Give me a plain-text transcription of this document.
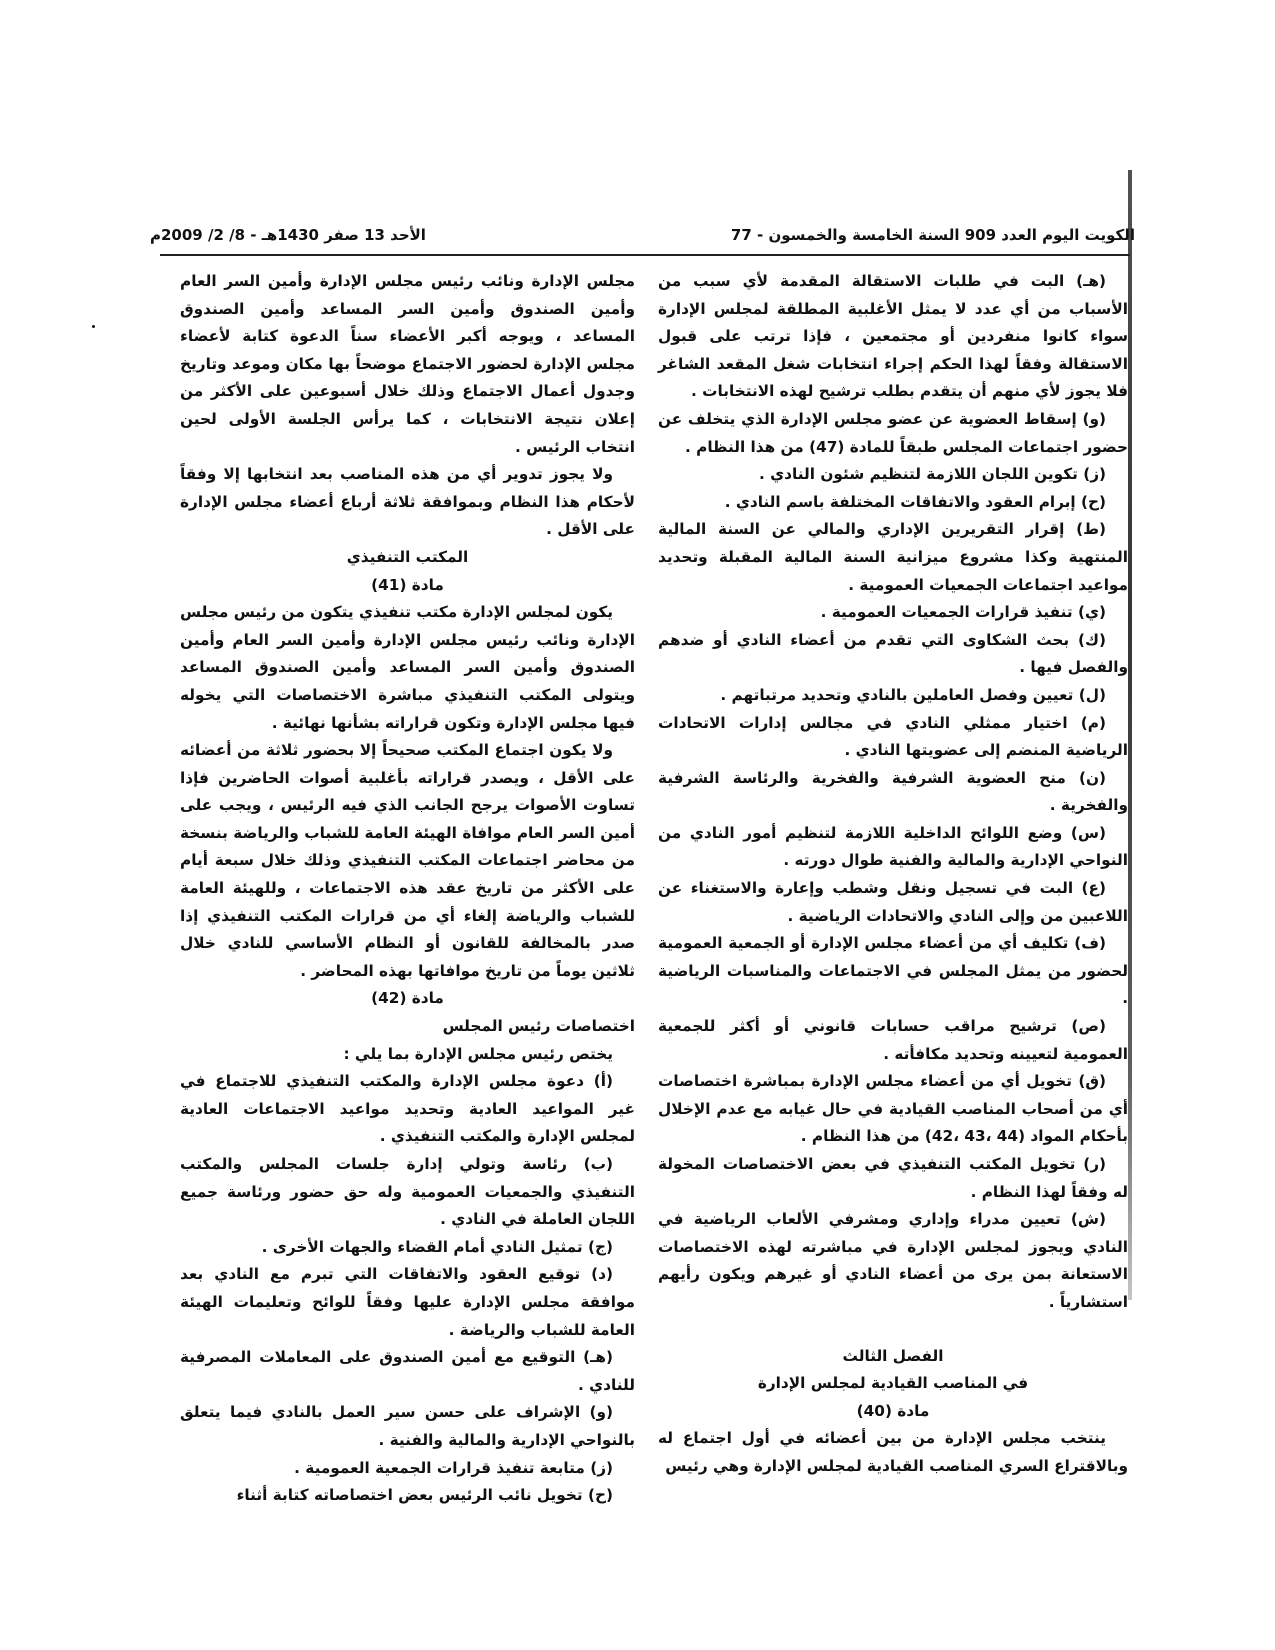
الكويت اليوم العدد 909 السنة الخامسة والخمسون - 77
الأحد 13 صفر 1430هـ - 8/ 2/ 2009م

(هـ) البت في طلبات الاستقالة المقدمة لأي سبب من الأسباب من أي عدد لا يمثل الأغلبية المطلقة لمجلس الإدارة سواء كانوا منفردين أو مجتمعين ، فإذا ترتب على قبول الاستقالة وفقاً لهذا الحكم إجراء انتخابات شغل المقعد الشاغر فلا يجوز لأي منهم أن يتقدم بطلب ترشيح لهذه الانتخابات .

(و) إسقاط العضوية عن عضو مجلس الإدارة الذي يتخلف عن حضور اجتماعات المجلس طبقاً للمادة (47) من هذا النظام .

(ز) تكوين اللجان اللازمة لتنظيم شئون النادي .

(ح) إبرام العقود والاتفاقات المختلفة باسم النادي .

(ط) إقرار التقريرين الإداري والمالي عن السنة المالية المنتهية وكذا مشروع ميزانية السنة المالية المقبلة وتحديد مواعيد اجتماعات الجمعيات العمومية .

(ي) تنفيذ قرارات الجمعيات العمومية .

(ك) بحث الشكاوى التي تقدم من أعضاء النادي أو ضدهم والفصل فيها .

(ل) تعيين وفصل العاملين بالنادي وتحديد مرتباتهم .

(م) اختيار ممثلي النادي في مجالس إدارات الاتحادات الرياضية المنضم إلى عضويتها النادي .

(ن) منح العضوية الشرفية والفخرية والرئاسة الشرفية والفخرية .

(س) وضع اللوائح الداخلية اللازمة لتنظيم أمور النادي من النواحي الإدارية والمالية والفنية طوال دورته .

(ع) البت في تسجيل ونقل وشطب وإعارة والاستغناء عن اللاعبين من وإلى النادي والاتحادات الرياضية .

(ف) تكليف أي من أعضاء مجلس الإدارة أو الجمعية العمومية لحضور من يمثل المجلس في الاجتماعات والمناسبات الرياضية .

(ص) ترشيح مراقب حسابات قانوني أو أكثر للجمعية العمومية لتعيينه وتحديد مكافأته .

(ق) تخويل أي من أعضاء مجلس الإدارة بمباشرة اختصاصات أي من أصحاب المناصب القيادية في حال غيابه مع عدم الإخلال بأحكام المواد (44 ،43 ،42) من هذا النظام .

(ر) تخويل المكتب التنفيذي في بعض الاختصاصات المخولة له وفقاً لهذا النظام .

(ش) تعيين مدراء وإداري ومشرفي الألعاب الرياضية في النادي ويجوز لمجلس الإدارة في مباشرته لهذه الاختصاصات الاستعانة بمن يرى من أعضاء النادي أو غيرهم ويكون رأيهم استشارياً .

الفصل الثالث
في المناصب القيادية لمجلس الإدارة
مادة (40)

ينتخب مجلس الإدارة من بين أعضائه في أول اجتماع له وبالاقتراع السري المناصب القيادية لمجلس الإدارة وهي رئيس

مجلس الإدارة ونائب رئيس مجلس الإدارة وأمين السر العام وأمين الصندوق وأمين السر المساعد وأمين الصندوق المساعد ، ويوجه أكبر الأعضاء سناً الدعوة كتابة لأعضاء مجلس الإدارة لحضور الاجتماع موضحاً بها مكان وموعد وتاريخ وجدول أعمال الاجتماع وذلك خلال أسبوعين على الأكثر من إعلان نتيجة الانتخابات ، كما يرأس الجلسة الأولى لحين انتخاب الرئيس .

ولا يجوز تدوير أي من هذه المناصب بعد انتخابها إلا وفقاً لأحكام هذا النظام وبموافقة ثلاثة أرباع أعضاء مجلس الإدارة على الأقل .

المكتب التنفيذي
مادة (41)

يكون لمجلس الإدارة مكتب تنفيذي يتكون من رئيس مجلس الإدارة ونائب رئيس مجلس الإدارة وأمين السر العام وأمين الصندوق وأمين السر المساعد وأمين الصندوق المساعد ويتولى المكتب التنفيذي مباشرة الاختصاصات التي يخوله فيها مجلس الإدارة وتكون قراراته بشأنها نهائية .

ولا يكون اجتماع المكتب صحيحاً إلا بحضور ثلاثة من أعضائه على الأقل ، ويصدر قراراته بأغلبية أصوات الحاضرين فإذا تساوت الأصوات يرجح الجانب الذي فيه الرئيس ، ويجب على أمين السر العام موافاة الهيئة العامة للشباب والرياضة بنسخة من محاضر اجتماعات المكتب التنفيذي وذلك خلال سبعة أيام على الأكثر من تاريخ عقد هذه الاجتماعات ، وللهيئة العامة للشباب والرياضة إلغاء أي من قرارات المكتب التنفيذي إذا صدر بالمخالفة للقانون أو النظام الأساسي للنادي خلال ثلاثين يوماً من تاريخ موافاتها بهذه المحاضر .

مادة (42)

اختصاصات رئيس المجلس

يختص رئيس مجلس الإدارة بما يلي :

(أ) دعوة مجلس الإدارة والمكتب التنفيذي للاجتماع في غير المواعيد العادية وتحديد مواعيد الاجتماعات العادية لمجلس الإدارة والمكتب التنفيذي .

(ب) رئاسة وتولي إدارة جلسات المجلس والمكتب التنفيذي والجمعيات العمومية وله حق حضور ورئاسة جميع اللجان العاملة في النادي .

(ج) تمثيل النادي أمام القضاء والجهات الأخرى .

(د) توقيع العقود والاتفاقات التي تبرم مع النادي بعد موافقة مجلس الإدارة عليها وفقاً للوائح وتعليمات الهيئة العامة للشباب والرياضة .

(هـ) التوقيع مع أمين الصندوق على المعاملات المصرفية للنادي .

(و) الإشراف على حسن سير العمل بالنادي فيما يتعلق بالنواحي الإدارية والمالية والفنية .

(ز) متابعة تنفيذ قرارات الجمعية العمومية .

(ح) تخويل نائب الرئيس بعض اختصاصاته كتابة أثناء
